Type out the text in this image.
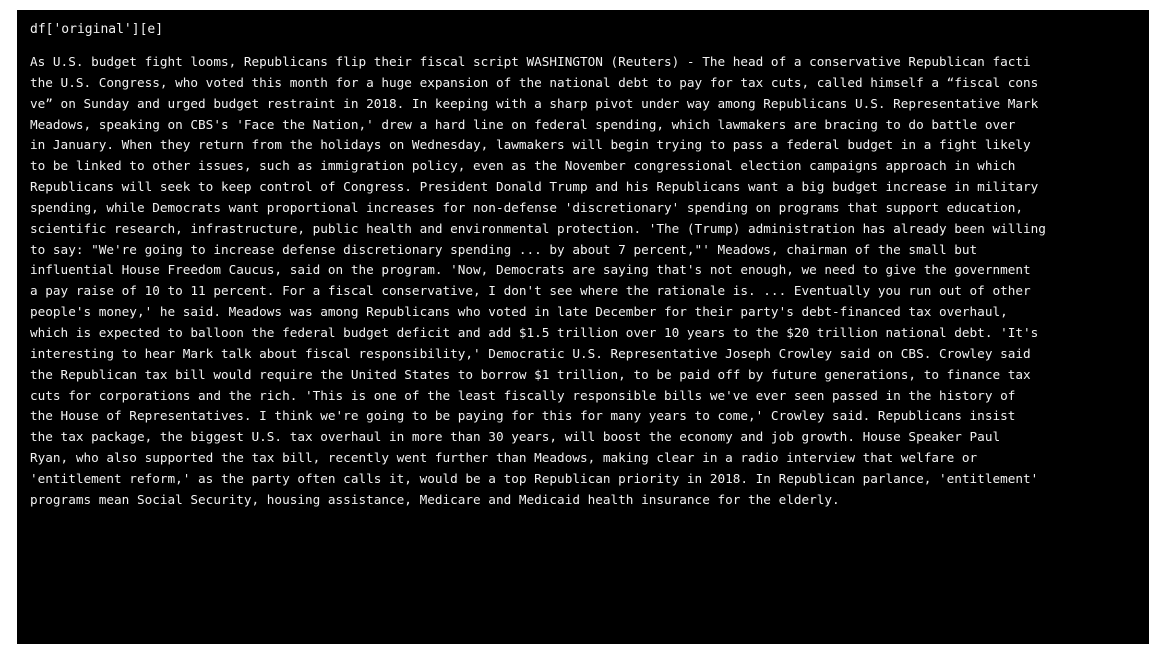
df['original'][e]
As U.S. budget fight looms, Republicans flip their fiscal script WASHINGTON (Reuters) - The head of a conservative Republican facti
the U.S. Congress, who voted this month for a huge expansion of the national debt to pay for tax cuts, called himself a “fiscal cons
ve” on Sunday and urged budget restraint in 2018. In keeping with a sharp pivot under way among Republicans U.S. Representative Mark
Meadows, speaking on CBS's 'Face the Nation,' drew a hard line on federal spending, which lawmakers are bracing to do battle over
in January. When they return from the holidays on Wednesday, lawmakers will begin trying to pass a federal budget in a fight likely
to be linked to other issues, such as immigration policy, even as the November congressional election campaigns approach in which
Republicans will seek to keep control of Congress. President Donald Trump and his Republicans want a big budget increase in military
spending, while Democrats want proportional increases for non-defense 'discretionary' spending on programs that support education,
scientific research, infrastructure, public health and environmental protection. 'The (Trump) administration has already been willing
to say: "We're going to increase defense discretionary spending ... by about 7 percent,"' Meadows, chairman of the small but
influential House Freedom Caucus, said on the program. 'Now, Democrats are saying that's not enough, we need to give the government
a pay raise of 10 to 11 percent. For a fiscal conservative, I don't see where the rationale is. ... Eventually you run out of other
people's money,' he said. Meadows was among Republicans who voted in late December for their party's debt-financed tax overhaul,
which is expected to balloon the federal budget deficit and add $1.5 trillion over 10 years to the $20 trillion national debt. 'It's
interesting to hear Mark talk about fiscal responsibility,' Democratic U.S. Representative Joseph Crowley said on CBS. Crowley said
the Republican tax bill would require the United States to borrow $1 trillion, to be paid off by future generations, to finance tax
cuts for corporations and the rich. 'This is one of the least fiscally responsible bills we've ever seen passed in the history of
the House of Representatives. I think we're going to be paying for this for many years to come,' Crowley said. Republicans insist
the tax package, the biggest U.S. tax overhaul in more than 30 years, will boost the economy and job growth. House Speaker Paul
Ryan, who also supported the tax bill, recently went further than Meadows, making clear in a radio interview that welfare or
'entitlement reform,' as the party often calls it, would be a top Republican priority in 2018. In Republican parlance, 'entitlement'
programs mean Social Security, housing assistance, Medicare and Medicaid health insurance for the elderly.
